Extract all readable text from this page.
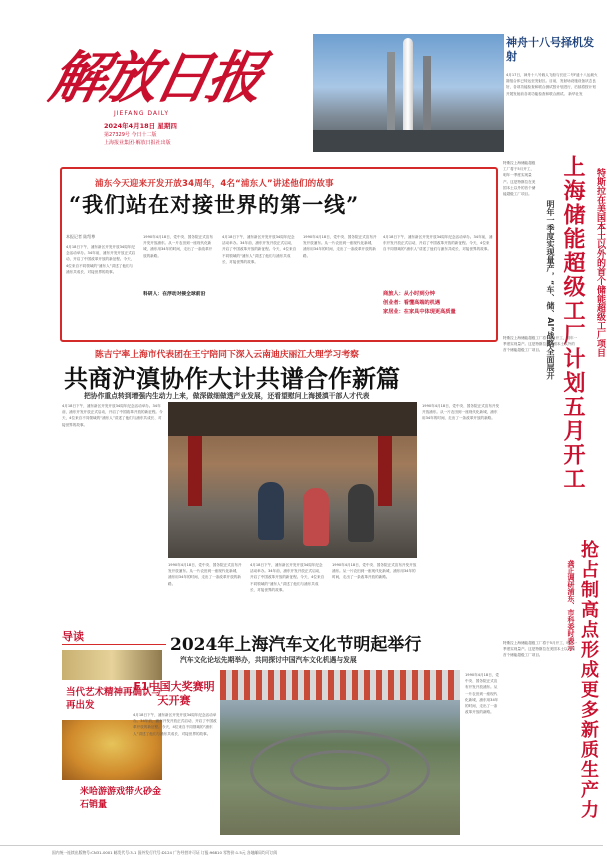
解放日报
JIEFANG DAILY
2024年4月18日 星期四
第27329号 今日十二版
上海报业集团·解放日报社出版
神舟十八号择机发射
4月17日，神舟十八号载人飞船与长征二号F遥十八运载火箭组合体已转运至发射区。目前，发射场设施设备状态良好，各项功能检查和联合测试按计划进行，后续将按计划开展发射前各项功能检查和联合测试。 新华社发
浦东今天迎来开发开放34周年，4名“浦东人”讲述他们的故事
“我们站在对接世界的第一线”
本报记者 陆绍尊
4月18日下午，浦东新区开发开放34周年纪念活动举办。34年前，浦东开发开放正式启动，开启了中国改革开放的新征程。今天，4位来自不同领域的“浦东人”讲述了他们与浦东共成长、对接世界的故事。
1990年4月18日，党中央、国务院正式宣布开发开放浦东。从一片农田到一座现代化新城，浦东用34年的时间，走出了一条改革开放的新路。
科研人：在浮动对接全球前沿
4月18日下午，浦东新区开发开放34周年纪念活动举办。34年前，浦东开发开放正式启动，开启了中国改革开放的新征程。今天，4位来自不同领域的“浦东人”讲述了他们与浦东共成长、对接世界的故事。
1990年4月18日，党中央、国务院正式宣布开发开放浦东。从一片农田到一座现代化新城，浦东用34年的时间，走出了一条改革开放的新路。
4月18日下午，浦东新区开发开放34周年纪念活动举办。34年前，浦东开发开放正式启动，开启了中国改革开放的新征程。今天，4位来自不同领域的“浦东人”讲述了他们与浦东共成长、对接世界的故事。
商旅人：从小时到分钟
创业者：看懂高端的机遇
家居业：在家具中体现更高质量
特斯拉上海储能超级工厂将于5月开工，明年一季度实现量产。这是特斯拉在美国本土以外的首个储能超级工厂项目。	特斯拉在美国本土以外的首个储能超级工厂项目
上海储能超级工厂计划五月开工
明年一季度实现量产，“车、储、AI”战略全面展开
特斯拉上海储能超级工厂将于5月开工，明年一季度实现量产。这是特斯拉在美国本土以外的首个储能超级工厂项目。
特斯拉上海储能超级工厂将于5月开工，明年一季度实现量产。这是特斯拉在美国本土以外的首个储能超级工厂项目。	抢占制高点形成更多新质生产力
龚正调研浦东、市科委时表示
陈吉宁率上海市代表团在王宁陪同下深入云南迪庆丽江大理学习考察
共商沪滇协作大计共谱合作新篇
把协作重点转到增强内生动力上来，做深做细做透产业发展，还看望慰问上海援滇干部人才代表
4月18日下午，浦东新区开发开放34周年纪念活动举办。34年前，浦东开发开放正式启动，开启了中国改革开放的新征程。今天，4位来自不同领域的“浦东人”讲述了他们与浦东共成长、对接世界的故事。
1990年4月18日，党中央、国务院正式宣布开发开放浦东。从一片农田到一座现代化新城，浦东用34年的时间，走出了一条改革开放的新路。
1990年4月18日，党中央、国务院正式宣布开发开放浦东。从一片农田到一座现代化新城，浦东用34年的时间，走出了一条改革开放的新路。
4月18日下午，浦东新区开发开放34周年纪念活动举办。34年前，浦东开发开放正式启动，开启了中国改革开放的新征程。今天，4位来自不同领域的“浦东人”讲述了他们与浦东共成长、对接世界的故事。
1990年4月18日，党中央、国务院正式宣布开发开放浦东。从一片农田到一座现代化新城，浦东用34年的时间，走出了一条改革开放的新路。
导读
当代艺术精神再确认与再出发
米哈游游戏带火砂金石销量
2024年上海汽车文化节明起举行
汽车文化论坛先期举办，共同探讨中国汽车文化机遇与发展
F1中国大奖赛明天开赛
4月18日下午，浦东新区开发开放34周年纪念活动举办。34年前，浦东开发开放正式启动，开启了中国改革开放的新征程。今天，4位来自不同领域的“浦东人”讲述了他们与浦东共成长、对接世界的故事。
1990年4月18日，党中央、国务院正式宣布开发开放浦东。从一片农田到一座现代化新城，浦东用34年的时间，走出了一条改革开放的新路。
国内统一连续出版物号:CN31-0001 邮发代号:3-1 国外发行代号:D124 广告经营许可证 订报:96810 零售价:1.5元 各地邮局均可订阅
